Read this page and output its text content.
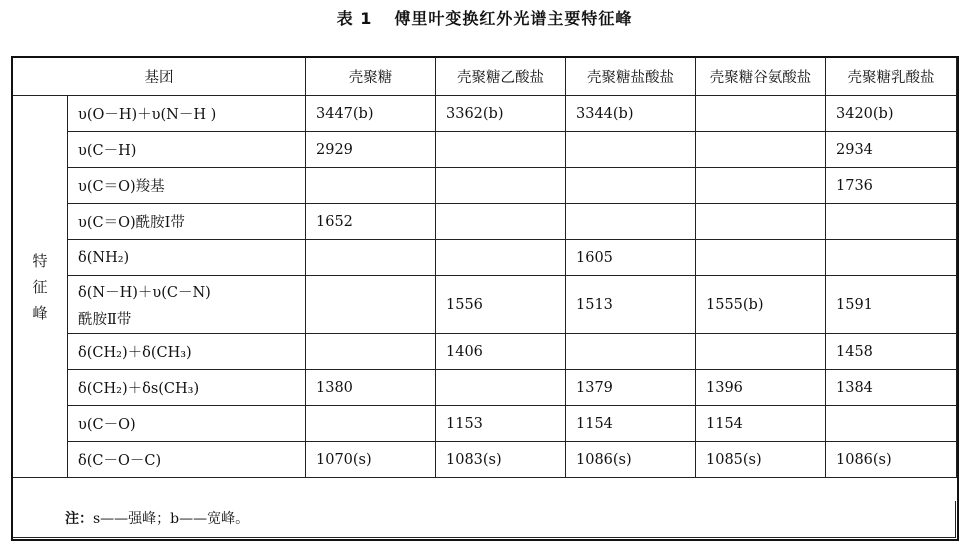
表 1 傅里叶变换红外光谱主要特征峰
基团		壳聚糖	壳聚糖乙酸盐	壳聚糖盐酸盐	壳聚糖谷氨酸盐	壳聚糖乳酸盐

特
征
峰	υ(O－H)＋υ(N－H )	3447(b)	3362(b)	3344(b)		3420(b)
	υ(C－H)	2929				2934
	υ(C＝O)羧基					1736
	υ(C＝O)酰胺Ⅰ带	1652				
	δ(NH₂)			1605		
	δ(N－H)＋υ(C－N)
酰胺Ⅱ带		1556	1513	1555(b)	1591
	δ(CH₂)＋δ(CH₃)		1406			1458
	δ(CH₂)＋δs(CH₃)	1380		1379	1396	1384
	υ(C－O)		1153	1154	1154	
	δ(C－O－C)	1070(s)	1083(s)	1086(s)	1085(s)	1086(s)
注：s——强峰；b——宽峰。
